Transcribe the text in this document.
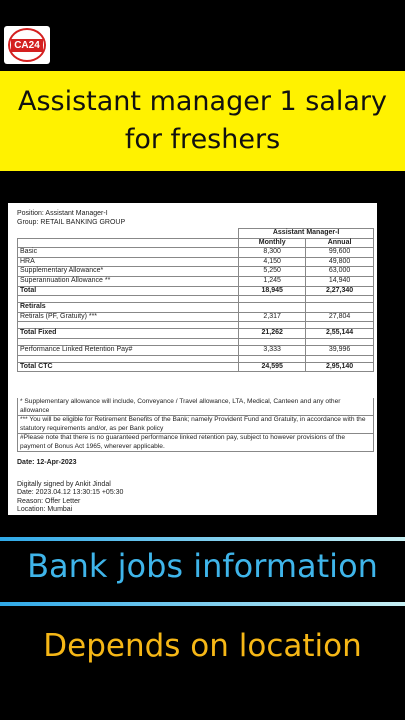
CA24
Assistant manager 1 salary
for freshers
Position: Assistant Manager-I
Group: RETAIL BANKING GROUP
	Assistant Manager-I	
	Monthly	Annual
Basic	8,300	99,600
HRA	4,150	49,800
Supplementary Allowance*	5,250	63,000
Superannuation Allowance **	1,245	14,940
Total	18,945	2,27,340

Retirals		
Retirals (PF, Gratuity) ***	2,317	27,804

Total Fixed	21,262	2,55,144

Performance Linked Retention Pay#	3,333	39,996

Total CTC	24,595	2,95,140
* Supplementary allowance will include, Conveyance / Travel allowance, LTA, Medical, Canteen and any other allowance
*** You will be eligible for Retirement Benefits of the Bank; namely Provident Fund and Gratuity, in accordance with the statutory requirements and/or, as per Bank policy
#Please note that there is no guaranteed performance linked retention pay, subject to however provisions of the payment of Bonus Act 1965, wherever applicable.
Date: 12-Apr-2023
Digitally signed by Ankit Jindal
Date: 2023.04.12 13:30:15 +05:30
Reason: Offer Letter
Location: Mumbai
Bank jobs information
Depends on location
